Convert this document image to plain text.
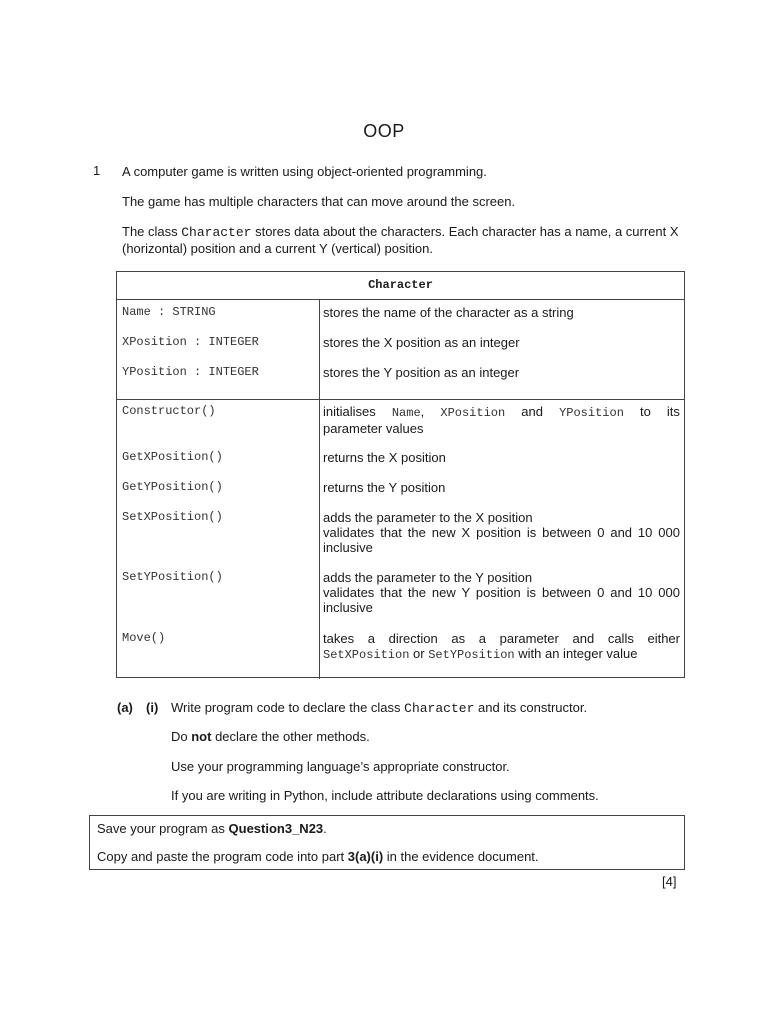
OOP
1 A computer game is written using object-oriented programming.
The game has multiple characters that can move around the screen.
The class Character stores data about the characters. Each character has a name, a current X (horizontal) position and a current Y (vertical) position.
Character
Name : STRING	stores the name of the character as a string
XPosition : INTEGER	stores the X position as an integer
YPosition : INTEGER	stores the Y position as an integer
Constructor()	initialises Name, XPosition and YPosition to its
parameter values
GetXPosition()	returns the X position
GetYPosition()	returns the Y position
SetXPosition()	adds the parameter to the X position
validates that the new X position is between 0 and 10 000
inclusive
SetYPosition()	adds the parameter to the Y position
validates that the new Y position is between 0 and 10 000
inclusive
Move()	takes a direction as a parameter and calls either
SetXPosition or SetYPosition with an integer value
(a) (i) Write program code to declare the class Character and its constructor.
Do not declare the other methods.
Use your programming language’s appropriate constructor.
If you are writing in Python, include attribute declarations using comments.
Save your program as Question3_N23.
Copy and paste the program code into part 3(a)(i) in the evidence document.
[4]
